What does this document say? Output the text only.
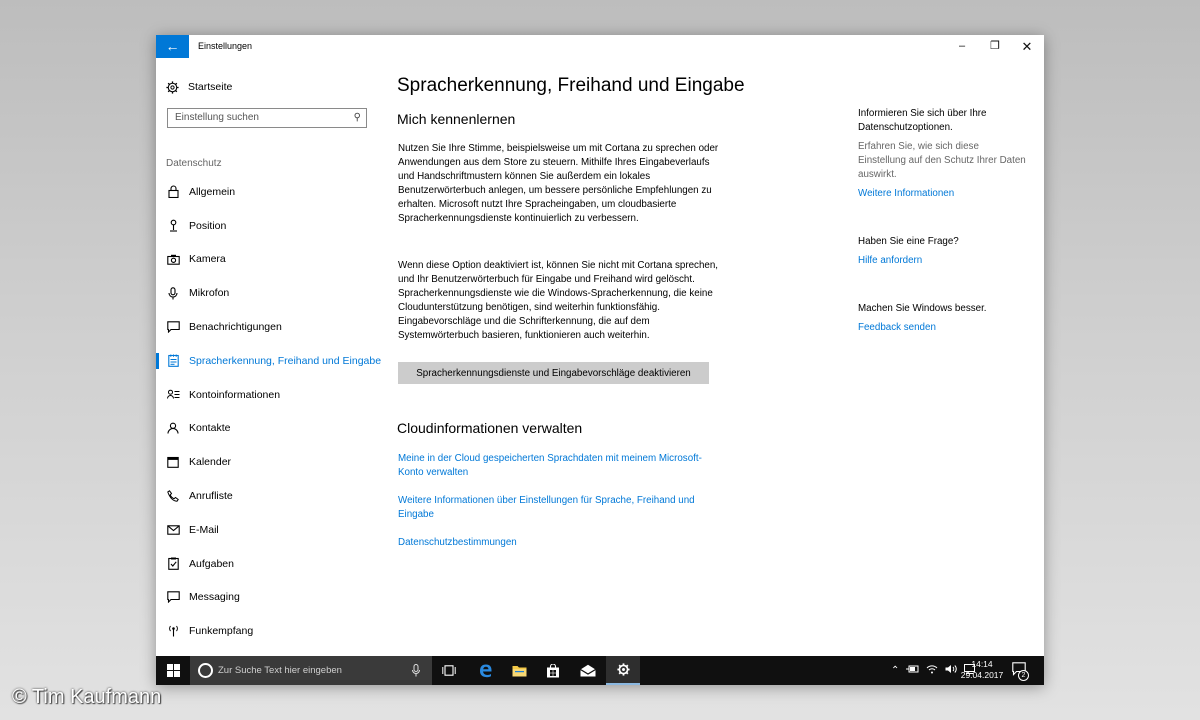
←	Einstellungen	–	❐	✕
Startseite
Einstellung suchen	⚲
Datenschutz
Allgemein
Position
Kamera
Mikrofon
Benachrichtigungen
Spracherkennung, Freihand und Eingabe
Kontoinformationen
Kontakte
Kalender
Anrufliste
E-Mail
Aufgaben
Messaging
Funkempfang
Spracherkennung, Freihand und Eingabe
Mich kennenlernen

Nutzen Sie Ihre Stimme, beispielsweise um mit Cortana zu sprechen oder Anwendungen aus dem Store zu steuern. Mithilfe Ihres Eingabeverlaufs und Handschriftmustern können Sie außerdem ein lokales Benutzerwörterbuch anlegen, um bessere persönliche Empfehlungen zu erhalten. Microsoft nutzt Ihre Spracheingaben, um cloudbasierte Spracherkennungsdienste kontinuierlich zu verbessern.

Wenn diese Option deaktiviert ist, können Sie nicht mit Cortana sprechen, und Ihr Benutzerwörterbuch für Eingabe und Freihand wird gelöscht. Spracherkennungsdienste wie die Windows-Spracherkennung, die keine Cloudunterstützung benötigen, sind weiterhin funktionsfähig. Eingabevorschläge und die Schrifterkennung, die auf dem Systemwörterbuch basieren, funktionieren auch weiterhin.

Spracherkennungsdienste und Eingabevorschläge deaktivieren
Cloudinformationen verwalten
Meine in der Cloud gespeicherten Sprachdaten mit meinem Microsoft-Konto verwalten
Weitere Informationen über Einstellungen für Sprache, Freihand und Eingabe
Datenschutzbestimmungen
Informieren Sie sich über Ihre Datenschutzoptionen.
Erfahren Sie, wie sich diese Einstellung auf den Schutz Ihrer Daten auswirkt.
Weitere Informationen
Haben Sie eine Frage?
Hilfe anfordern
Machen Sie Windows besser.
Feedback senden
Zur Suche Text hier eingeben	⌃
14:14
29.04.2017	2
© Tim Kaufmann
